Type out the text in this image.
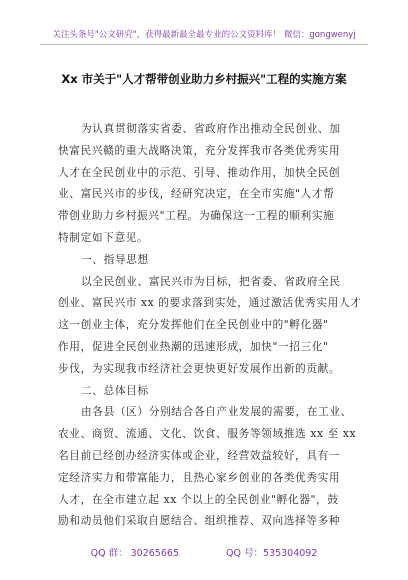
关注头条号"公文研究"，获得最新最全最专业的公文资料库！ 微信：gongwenyj
Xx 市关于"人才帮带创业助力乡村振兴"工程的实施方案
为认真贯彻落实省委、省政府作出推动全民创业、加
快富民兴赣的重大战略决策，充分发挥我市各类优秀实用
人才在全民创业中的示范、引导、推动作用，加快全民创
业、富民兴市的步伐，经研究决定，在全市实施"人才帮
带创业助力乡村振兴"工程。为确保这一工程的顺利实施
特制定如下意见。
一、指导思想
以全民创业、富民兴市为目标，把省委、省政府全民
创业、富民兴市 xx 的要求落到实处，通过激活优秀实用人才
这一创业主体，充分发挥他们在全民创业中的"孵化器"
作用，促进全民创业热潮的迅速形成，加快"一招三化"
步伐，为实现我市经济社会更快更好发展作出新的贡献。
二、总体目标
由各县（区）分别结合各自产业发展的需要，在工业、
农业、商贸、流通、文化、饮食、服务等领域推选 xx 至 xx
名目前已经创办经济实体或企业，经营效益较好，具有一
定经济实力和带富能力，且热心家乡创业的各类优秀实用
人才，在全市建立起 xx 个以上的全民创业"孵化器"，鼓
励和动员他们采取自愿结合、组织推荐、双向选择等多种
QQ 群： 30265665	QQ 号：535304092
